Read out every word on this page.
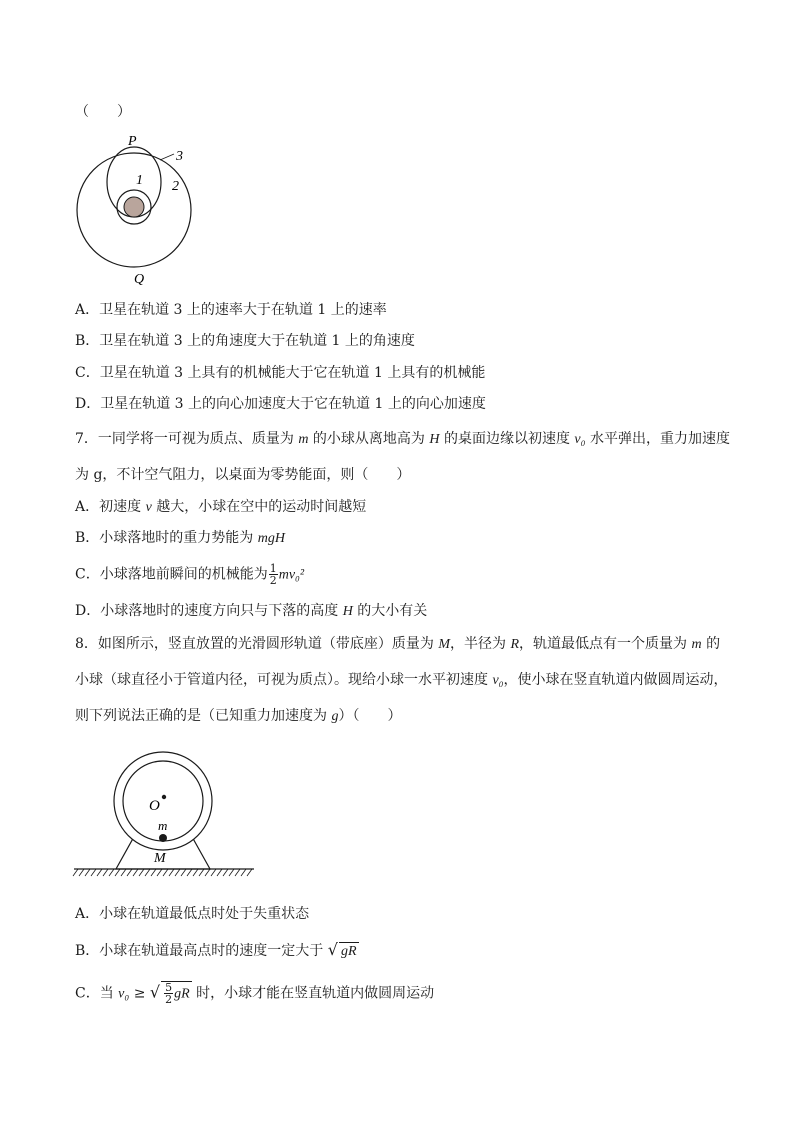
（　　）
P
3
2
1
Q
A．卫星在轨道 3 上的速率大于在轨道 1 上的速率
B．卫星在轨道 3 上的角速度大于在轨道 1 上的角速度
C．卫星在轨道 3 上具有的机械能大于它在轨道 1 上具有的机械能
D．卫星在轨道 3 上的向心加速度大于它在轨道 1 上的向心加速度
7．一同学将一可视为质点、质量为 m 的小球从离地高为 H 的桌面边缘以初速度 v₀ 水平弹出，重力加速度
为 g，不计空气阻力，以桌面为零势能面，则（　　）
A．初速度 v 越大，小球在空中的运动时间越短
B．小球落地时的重力势能为 mgH
C．小球落地前瞬间的机械能为 $\frac{1}{2} mv_0^2$
D．小球落地时的速度方向只与下落的高度 H 的大小有关
8．如图所示，竖直放置的光滑圆形轨道（带底座）质量为 M，半径为 R，轨道最低点有一个质量为 m 的
小球（球直径小于管道内径，可视为质点）。现给小球一水平初速度 v₀，使小球在竖直轨道内做圆周运动，
则下列说法正确的是（已知重力加速度为 g）（　　）
O
m
M
A．小球在轨道最低点时处于失重状态
B．小球在轨道最高点时的速度一定大于 √ gR
C．当 v₀ ≥ √ $\frac{5}{2}$ gR 时，小球才能在竖直轨道内做圆周运动
